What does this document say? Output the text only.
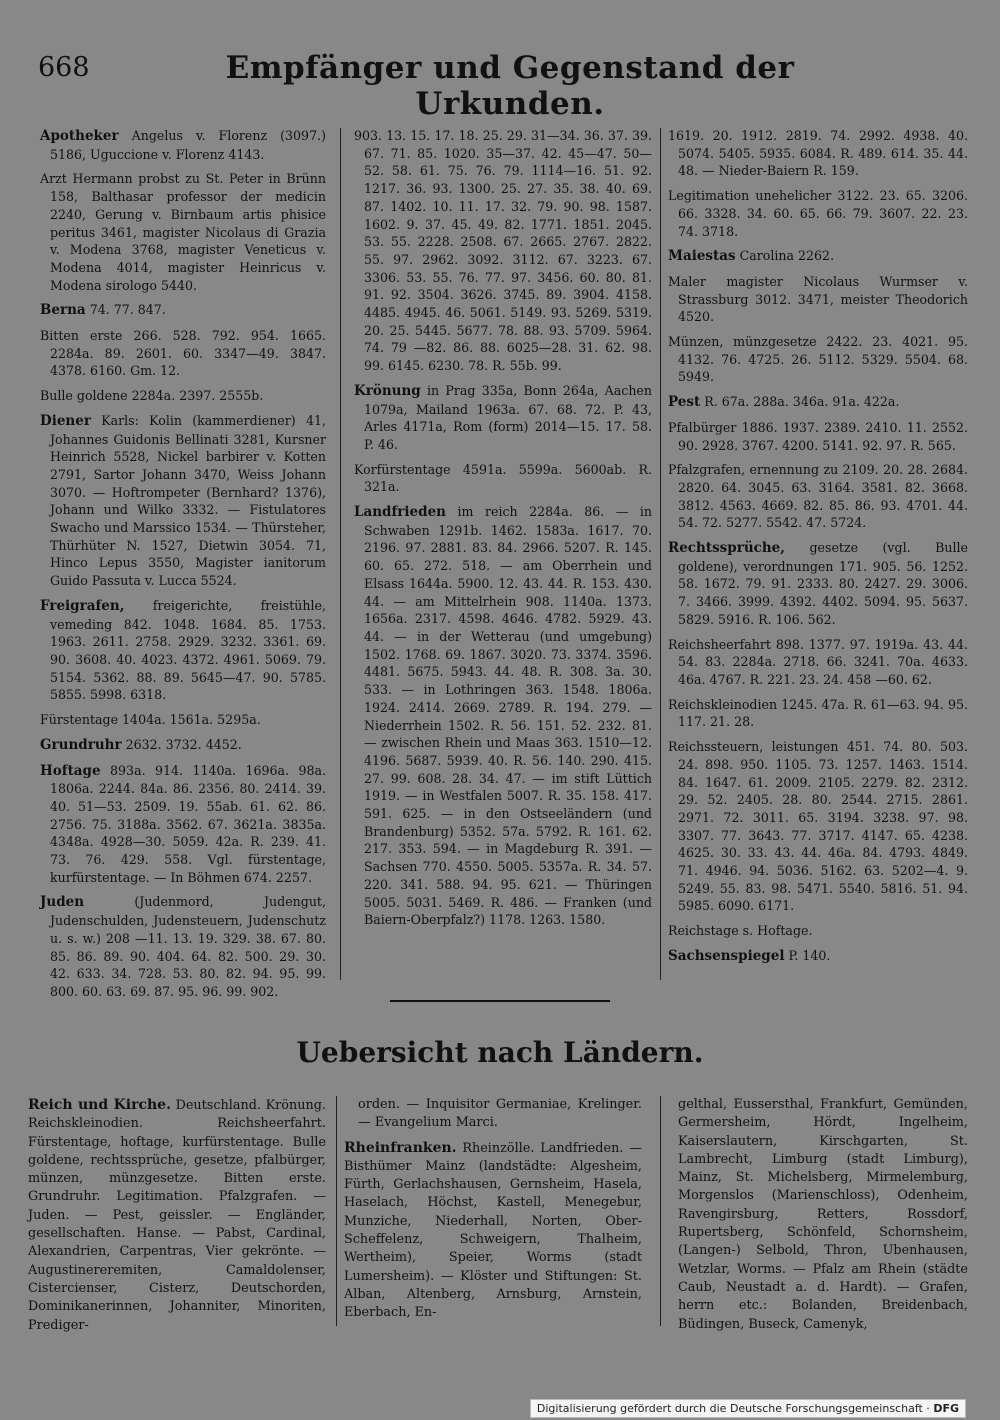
668	Empfänger und Gegenstand der Urkunden.

Apotheker Angelus v. Florenz (3097.) 5186, Uguccione v. Florenz 4143.

Arzt Hermann probst zu St. Peter in Brünn 158, Balthasar professor der medicin 2240, Gerung v. Birnbaum artis phisice peritus 3461, magister Nicolaus di Grazia v. Modena 3768, magister Veneticus v. Modena 4014, magister Heinricus v. Modena sirologo 5440.

Berna 74. 77. 847.

Bitten erste 266. 528. 792. 954. 1665. 2284a. 89. 2601. 60. 3347—49. 3847. 4378. 6160. Gm. 12.

Bulle goldene 2284a. 2397. 2555b.

Diener Karls: Kolin (kammerdiener) 41, Johannes Guidonis Bellinati 3281, Kursner Heinrich 5528, Nickel barbirer v. Kotten 2791, Sartor Johann 3470, Weiss Johann 3070. — Hoftrompeter (Bernhard? 1376), Johann und Wilko 3332. — Fistulatores Swacho und Marssico 1534. — Thürsteher, Thürhüter N. 1527, Dietwin 3054. 71, Hinco Lepus 3550, Magister ianitorum Guido Passuta v. Lucca 5524.

Freigrafen, freigerichte, freistühle, vemeding 842. 1048. 1684. 85. 1753. 1963. 2611. 2758. 2929. 3232. 3361. 69. 90. 3608. 40. 4023. 4372. 4961. 5069. 79. 5154. 5362. 88. 89. 5645—47. 90. 5785. 5855. 5998. 6318.

Fürstentage 1404a. 1561a. 5295a.

Grundruhr 2632. 3732. 4452.

Hoftage 893a. 914. 1140a. 1696a. 98a. 1806a. 2244. 84a. 86. 2356. 80. 2414. 39. 40. 51—53. 2509. 19. 55ab. 61. 62. 86. 2756. 75. 3188a. 3562. 67. 3621a. 3835a. 4348a. 4928—30. 5059. 42a. R. 239. 41. 73. 76. 429. 558. Vgl. fürstentage, kurfürstentage. — In Böhmen 674. 2257.

Juden (Judenmord, Judengut, Judenschulden, Judensteuern, Judenschutz u. s. w.) 208 —11. 13. 19. 329. 38. 67. 80. 85. 86. 89. 90. 404. 64. 82. 500. 29. 30. 42. 633. 34. 728. 53. 80. 82. 94. 95. 99. 800. 60. 63. 69. 87. 95. 96. 99. 902.

903. 13. 15. 17. 18. 25. 29. 31—34. 36. 37. 39. 67. 71. 85. 1020. 35—37. 42. 45—47. 50—52. 58. 61. 75. 76. 79. 1114—16. 51. 92. 1217. 36. 93. 1300. 25. 27. 35. 38. 40. 69. 87. 1402. 10. 11. 17. 32. 79. 90. 98. 1587. 1602. 9. 37. 45. 49. 82. 1771. 1851. 2045. 53. 55. 2228. 2508. 67. 2665. 2767. 2822. 55. 97. 2962. 3092. 3112. 67. 3223. 67. 3306. 53. 55. 76. 77. 97. 3456. 60. 80. 81. 91. 92. 3504. 3626. 3745. 89. 3904. 4158. 4485. 4945. 46. 5061. 5149. 93. 5269. 5319. 20. 25. 5445. 5677. 78. 88. 93. 5709. 5964. 74. 79 —82. 86. 88. 6025—28. 31. 62. 98. 99. 6145. 6230. 78. R. 55b. 99.

Krönung in Prag 335a, Bonn 264a, Aachen 1079a, Mailand 1963a. 67. 68. 72. P. 43, Arles 4171a, Rom (form) 2014—15. 17. 58. P. 46.

Korfürstentage 4591a. 5599a. 5600ab. R. 321a.

Landfrieden im reich 2284a. 86. — in Schwaben 1291b. 1462. 1583a. 1617. 70. 2196. 97. 2881. 83. 84. 2966. 5207. R. 145. 60. 65. 272. 518. — am Oberrhein und Elsass 1644a. 5900. 12. 43. 44. R. 153. 430. 44. — am Mittelrhein 908. 1140a. 1373. 1656a. 2317. 4598. 4646. 4782. 5929. 43. 44. — in der Wetterau (und umgebung) 1502. 1768. 69. 1867. 3020. 73. 3374. 3596. 4481. 5675. 5943. 44. 48. R. 308. 3a. 30. 533. — in Lothringen 363. 1548. 1806a. 1924. 2414. 2669. 2789. R. 194. 279. — Niederrhein 1502. R. 56. 151. 52. 232. 81. — zwischen Rhein und Maas 363. 1510—12. 4196. 5687. 5939. 40. R. 56. 140. 290. 415. 27. 99. 608. 28. 34. 47. — im stift Lüttich 1919. — in Westfalen 5007. R. 35. 158. 417. 591. 625. — in den Ostseeländern (und Brandenburg) 5352. 57a. 5792. R. 161. 62. 217. 353. 594. — in Magdeburg R. 391. — Sachsen 770. 4550. 5005. 5357a. R. 34. 57. 220. 341. 588. 94. 95. 621. — Thüringen 5005. 5031. 5469. R. 486. — Franken (und Baiern-Oberpfalz?) 1178. 1263. 1580.

1619. 20. 1912. 2819. 74. 2992. 4938. 40. 5074. 5405. 5935. 6084. R. 489. 614. 35. 44. 48. — Nieder-Baiern R. 159.

Legitimation unehelicher 3122. 23. 65. 3206. 66. 3328. 34. 60. 65. 66. 79. 3607. 22. 23. 74. 3718.

Maiestas Carolina 2262.

Maler magister Nicolaus Wurmser v. Strassburg 3012. 3471, meister Theodorich 4520.

Münzen, münzgesetze 2422. 23. 4021. 95. 4132. 76. 4725. 26. 5112. 5329. 5504. 68. 5949.

Pest R. 67a. 288a. 346a. 91a. 422a.

Pfalbürger 1886. 1937. 2389. 2410. 11. 2552. 90. 2928. 3767. 4200. 5141. 92. 97. R. 565.

Pfalzgrafen, ernennung zu 2109. 20. 28. 2684. 2820. 64. 3045. 63. 3164. 3581. 82. 3668. 3812. 4563. 4669. 82. 85. 86. 93. 4701. 44. 54. 72. 5277. 5542. 47. 5724.

Rechtssprüche, gesetze (vgl. Bulle goldene), verordnungen 171. 905. 56. 1252. 58. 1672. 79. 91. 2333. 80. 2427. 29. 3006. 7. 3466. 3999. 4392. 4402. 5094. 95. 5637. 5829. 5916. R. 106. 562.

Reichsheerfahrt 898. 1377. 97. 1919a. 43. 44. 54. 83. 2284a. 2718. 66. 3241. 70a. 4633. 46a. 4767. R. 221. 23. 24. 458 —60. 62.

Reichskleinodien 1245. 47a. R. 61—63. 94. 95. 117. 21. 28.

Reichssteuern, leistungen 451. 74. 80. 503. 24. 898. 950. 1105. 73. 1257. 1463. 1514. 84. 1647. 61. 2009. 2105. 2279. 82. 2312. 29. 52. 2405. 28. 80. 2544. 2715. 2861. 2971. 72. 3011. 65. 3194. 3238. 97. 98. 3307. 77. 3643. 77. 3717. 4147. 65. 4238. 4625. 30. 33. 43. 44. 46a. 84. 4793. 4849. 71. 4946. 94. 5036. 5162. 63. 5202—4. 9. 5249. 55. 83. 98. 5471. 5540. 5816. 51. 94. 5985. 6090. 6171.

Reichstage s. Hoftage.

Sachsenspiegel P. 140.

Uebersicht nach Ländern.
Reich und Kirche. Deutschland. Krönung. Reichskleinodien. Reichsheerfahrt. Fürstentage, hoftage, kurfürstentage. Bulle goldene, rechtssprüche, gesetze, pfalbürger, münzen, münzgesetze. Bitten erste. Grundruhr. Legitimation. Pfalzgrafen. — Juden. — Pest, geissler. — Engländer, gesellschaften. Hanse. — Pabst, Cardinal, Alexandrien, Carpentras, Vier gekrönte. — Augustinereremiten, Camaldolenser, Cistercienser, Cisterz, Deutschorden, Dominikanerinnen, Johanniter, Minoriten, Prediger-
orden. — Inquisitor Germaniae, Krelinger. — Evangelium Marci.
Rheinfranken. Rheinzölle. Landfrieden. — Bisthümer Mainz (landstädte: Algesheim, Fürth, Gerlachshausen, Gernsheim, Hasela, Haselach, Höchst, Kastell, Menegebur, Munziche, Niederhall, Norten, Ober-Scheffelenz, Schweigern, Thalheim, Wertheim), Speier, Worms (stadt Lumersheim). — Klöster und Stiftungen: St. Alban, Altenberg, Arnsburg, Arnstein, Eberbach, En-
gelthal, Eussersthal, Frankfurt, Gemünden, Germersheim, Hördt, Ingelheim, Kaiserslautern, Kirschgarten, St. Lambrecht, Limburg (stadt Limburg), Mainz, St. Michelsberg, Mirmelemburg, Morgenslos (Marienschloss), Odenheim, Ravengirsburg, Retters, Rossdorf, Rupertsberg, Schönfeld, Schornsheim, (Langen-) Selbold, Thron, Ubenhausen, Wetzlar, Worms. — Pfalz am Rhein (städte Caub, Neustadt a. d. Hardt). — Grafen, herrn etc.: Bolanden, Breidenbach, Büdingen, Buseck, Camenyk,
Digitalisierung gefördert durch die Deutsche Forschungsgemeinschaft · DFG
